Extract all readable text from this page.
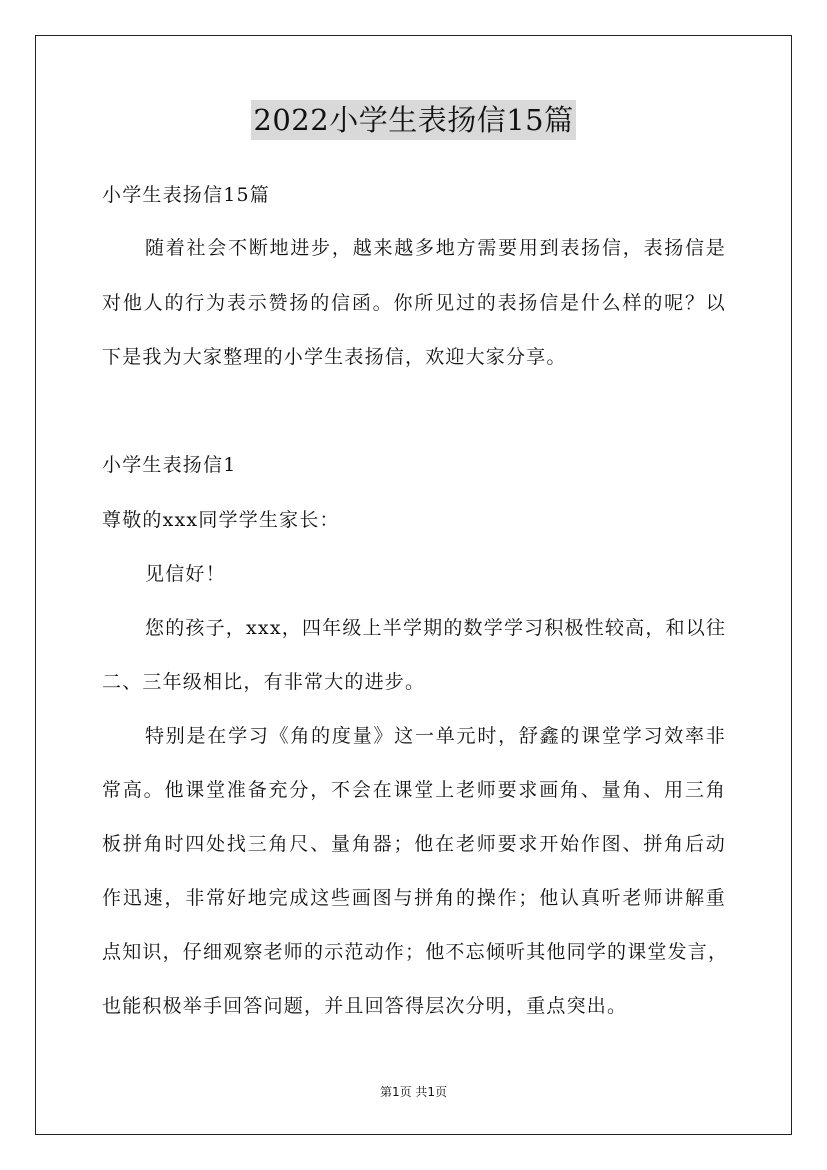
2022小学生表扬信15篇
小学生表扬信15篇
随着社会不断地进步，越来越多地方需要用到表扬信，表扬信是
对他人的行为表示赞扬的信函。你所见过的表扬信是什么样的呢？以
下是我为大家整理的小学生表扬信，欢迎大家分享。
小学生表扬信1
尊敬的xxx同学学生家长：
见信好！
您的孩子，xxx，四年级上半学期的数学学习积极性较高，和以往
二、三年级相比，有非常大的进步。
特别是在学习《角的度量》这一单元时，舒鑫的课堂学习效率非
常高。他课堂准备充分，不会在课堂上老师要求画角、量角、用三角
板拼角时四处找三角尺、量角器；他在老师要求开始作图、拼角后动
作迅速，非常好地完成这些画图与拼角的操作；他认真听老师讲解重
点知识，仔细观察老师的示范动作；他不忘倾听其他同学的课堂发言，
也能积极举手回答问题，并且回答得层次分明，重点突出。
第1页 共1页
